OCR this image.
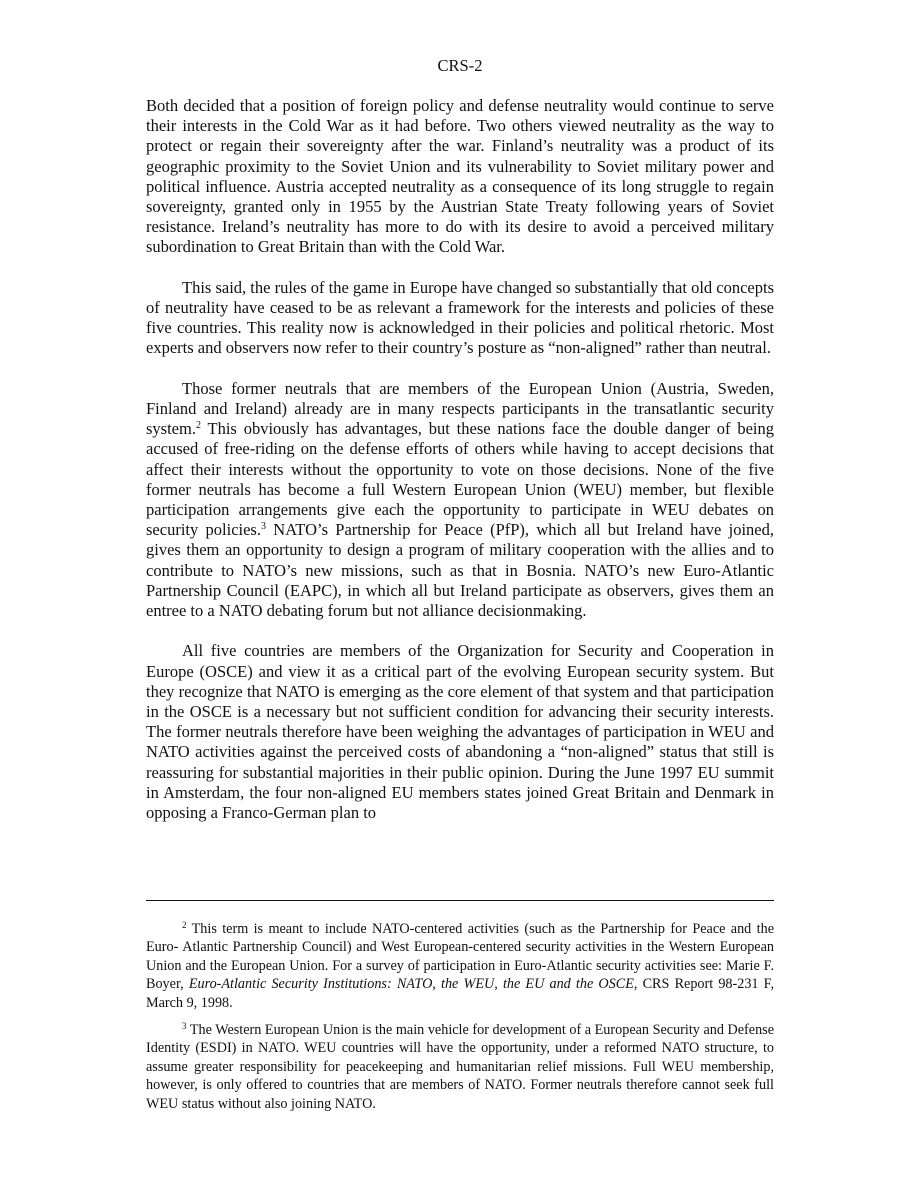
CRS-2

Both decided that a position of foreign policy and defense neutrality would continue to serve their interests in the Cold War as it had before. Two others viewed neutrality as the way to protect or regain their sovereignty after the war. Finland’s neutrality was a product of its geographic proximity to the Soviet Union and its vulnerability to Soviet military power and political influence. Austria accepted neutrality as a consequence of its long struggle to regain sovereignty, granted only in 1955 by the Austrian State Treaty following years of Soviet resistance. Ireland’s neutrality has more to do with its desire to avoid a perceived military subordination to Great Britain than with the Cold War.

This said, the rules of the game in Europe have changed so substantially that old concepts of neutrality have ceased to be as relevant a framework for the interests and policies of these five countries. This reality now is acknowledged in their policies and political rhetoric. Most experts and observers now refer to their country’s posture as “non-aligned” rather than neutral.

Those former neutrals that are members of the European Union (Austria, Sweden, Finland and Ireland) already are in many respects participants in the transatlantic security system.$^2$ This obviously has advantages, but these nations face the double danger of being accused of free-riding on the defense efforts of others while having to accept decisions that affect their interests without the opportunity to vote on those decisions. None of the five former neutrals has become a full Western European Union (WEU) member, but flexible participation arrangements give each the opportunity to participate in WEU debates on security policies.$^3$ NATO’s Partnership for Peace (PfP), which all but Ireland have joined, gives them an opportunity to design a program of military cooperation with the allies and to contribute to NATO’s new missions, such as that in Bosnia. NATO’s new Euro-Atlantic Partnership Council (EAPC), in which all but Ireland participate as observers, gives them an entree to a NATO debating forum but not alliance decisionmaking.

All five countries are members of the Organization for Security and Cooperation in Europe (OSCE) and view it as a critical part of the evolving European security system. But they recognize that NATO is emerging as the core element of that system and that participation in the OSCE is a necessary but not sufficient condition for advancing their security interests. The former neutrals therefore have been weighing the advantages of participation in WEU and NATO activities against the perceived costs of abandoning a “non-aligned” status that still is reassuring for substantial majorities in their public opinion. During the June 1997 EU summit in Amsterdam, the four non-aligned EU members states joined Great Britain and Denmark in opposing a Franco-German plan to

$^2$ This term is meant to include NATO-centered activities (such as the Partnership for Peace and the Euro- Atlantic Partnership Council) and West European-centered security activities in the Western European Union and the European Union. For a survey of participation in Euro-Atlantic security activities see: Marie F. Boyer, Euro-Atlantic Security Institutions: NATO, the WEU, the EU and the OSCE, CRS Report 98-231 F, March 9, 1998.

$^3$ The Western European Union is the main vehicle for development of a European Security and Defense Identity (ESDI) in NATO. WEU countries will have the opportunity, under a reformed NATO structure, to assume greater responsibility for peacekeeping and humanitarian relief missions. Full WEU membership, however, is only offered to countries that are members of NATO. Former neutrals therefore cannot seek full WEU status without also joining NATO.
